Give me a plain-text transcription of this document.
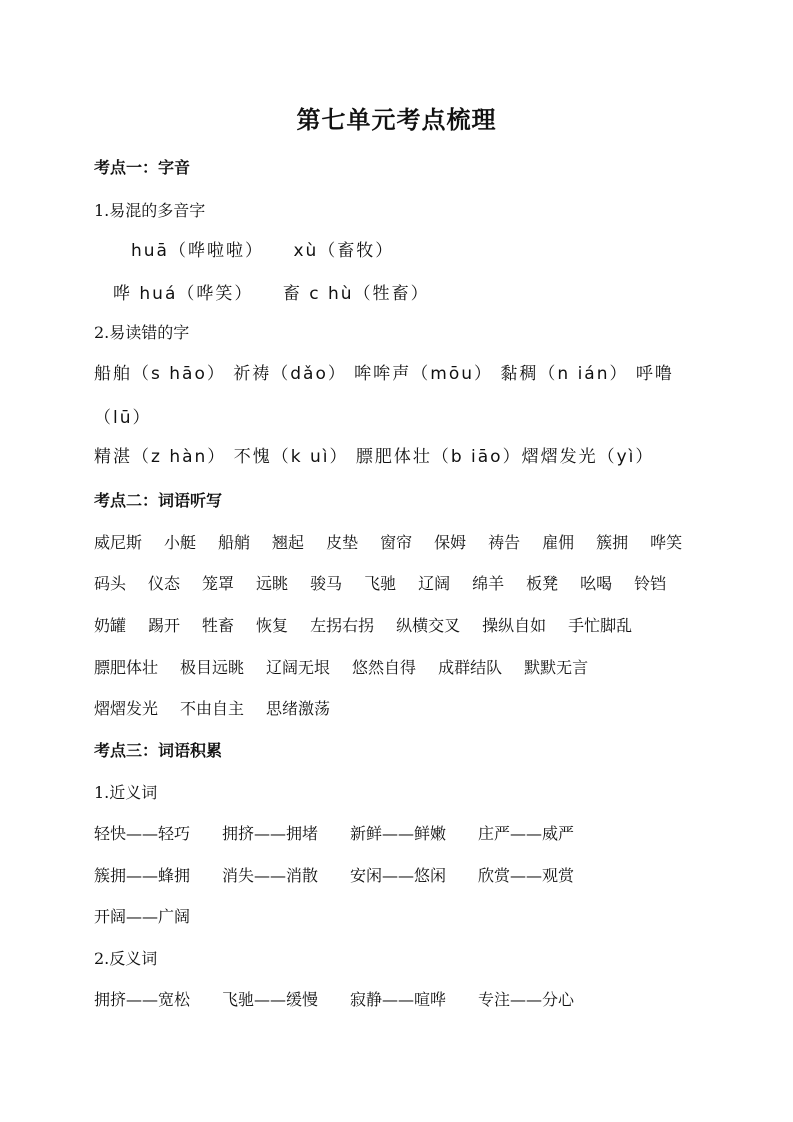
第七单元考点梳理
考点一：字音
1.易混的多音字
huā（哗啦啦）　　xù（畜牧）
哗 huá（哗笑）　　畜 c hù（牲畜）
2.易读错的字
船舶（s hāo） 祈祷（dǎo） 哞哞声（mōu） 黏稠（n ián） 呼噜
（lū）
精湛（z hàn） 不愧（k uì） 膘肥体壮（b iāo）熠熠发光（yì）
考点二：词语听写
威尼斯 小艇 船艄 翘起 皮垫 窗帘 保姆 祷告 雇佣 簇拥 哗笑
码头 仪态 笼罩 远眺 骏马 飞驰 辽阔 绵羊 板凳 吆喝 铃铛
奶罐 踢开 牲畜 恢复 左拐右拐 纵横交叉 操纵自如 手忙脚乱
膘肥体壮 极目远眺 辽阔无垠 悠然自得 成群结队 默默无言
熠熠发光 不由自主 思绪激荡
考点三：词语积累
1.近义词
轻快——轻巧 拥挤——拥堵 新鲜——鲜嫩 庄严——威严
簇拥——蜂拥 消失——消散 安闲——悠闲 欣赏——观赏
开阔——广阔
2.反义词
拥挤——宽松 飞驰——缓慢 寂静——喧哗 专注——分心
